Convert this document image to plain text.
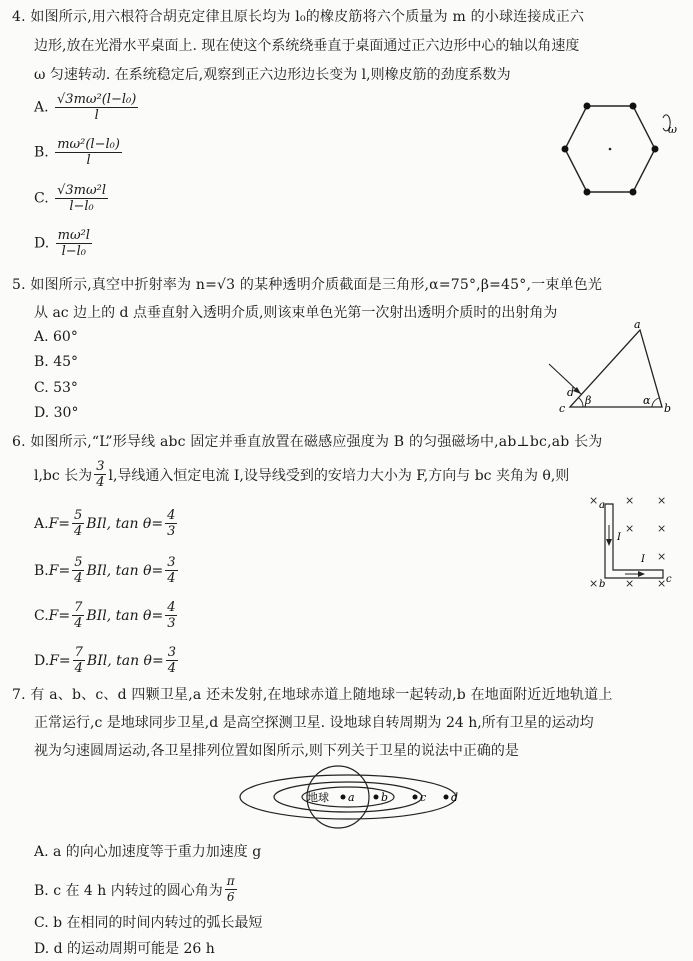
4. 如图所示,用六根符合胡克定律且原长均为 l₀的橡皮筋将六个质量为 m 的小球连接成正六
边形,放在光滑水平桌面上. 现在使这个系统绕垂直于桌面通过正六边形中心的轴以角速度
ω 匀速转动. 在系统稳定后,观察到正六边形边长变为 l,则橡皮筋的劲度系数为
A. $\frac{\text{√3mω²(l−l₀)}}{l}$
B. $\frac{\text{mω²(l−l₀)}}{l}$
C. $\frac{\text{√3mω²l}}{\text{l−l₀}}$
D. $\frac{\text{mω²l}}{\text{l−l₀}}$
ω
5. 如图所示,真空中折射率为 n=√3 的某种透明介质截面是三角形,α=75°,β=45°,一束单色光
从 ac 边上的 d 点垂直射入透明介质,则该束单色光第一次射出透明介质时的出射角为
A. 60°
B. 45°
C. 53°
D. 30°
a
b
c
d
β	α
6. 如图所示,“L”形导线 abc 固定并垂直放置在磁感应强度为 B 的匀强磁场中,ab⊥bc,ab 长为
l,bc 长为 $\frac{3}{4} l$,导线通入恒定电流 I,设导线受到的安培力大小为 F,方向与 bc 夹角为 θ,则
A. $F= \frac{5}{4}$ BIl, $\tan \theta= \frac{4}{3}$
B. $F= \frac{5}{4}$ BIl, $\tan \theta= \frac{3}{4}$
C. $F= \frac{7}{4}$ BIl, $\tan \theta= \frac{4}{3}$
D. $F= \frac{7}{4}$ BIl, $\tan \theta= \frac{3}{4}$
× × ×
× ×
×
× × ×
a
b	c
I
I
7. 有 a、b、c、d 四颗卫星,a 还未发射,在地球赤道上随地球一起转动,b 在地面附近近地轨道上
正常运行,c 是地球同步卫星,d 是高空探测卫星. 设地球自转周期为 24 h,所有卫星的运动均
视为匀速圆周运动,各卫星排列位置如图所示,则下列关于卫星的说法中正确的是
地球 a b	c d
A. a 的向心加速度等于重力加速度 g
B. c 在 4 h 内转过的圆心角为 $\frac{\pi}{6}$
C. b 在相同的时间内转过的弧长最短
D. d 的运动周期可能是 26 h
